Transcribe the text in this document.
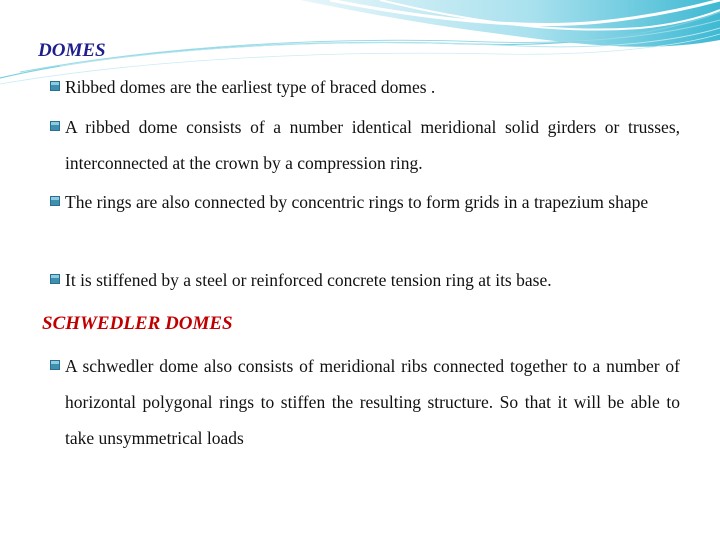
DOMES

Ribbed domes are the earliest type of braced domes .

A ribbed dome consists of a number identical meridional solid girders or trusses, interconnected at the crown by a compression ring.

The rings are also connected by concentric rings to form grids in a trapezium shape

It is stiffened by a steel or reinforced concrete tension ring at its base.

SCHWEDLER DOMES

A schwedler dome also consists of meridional ribs connected together to a number of horizontal polygonal rings to stiffen the resulting structure. So that it will be able to take unsymmetrical loads
